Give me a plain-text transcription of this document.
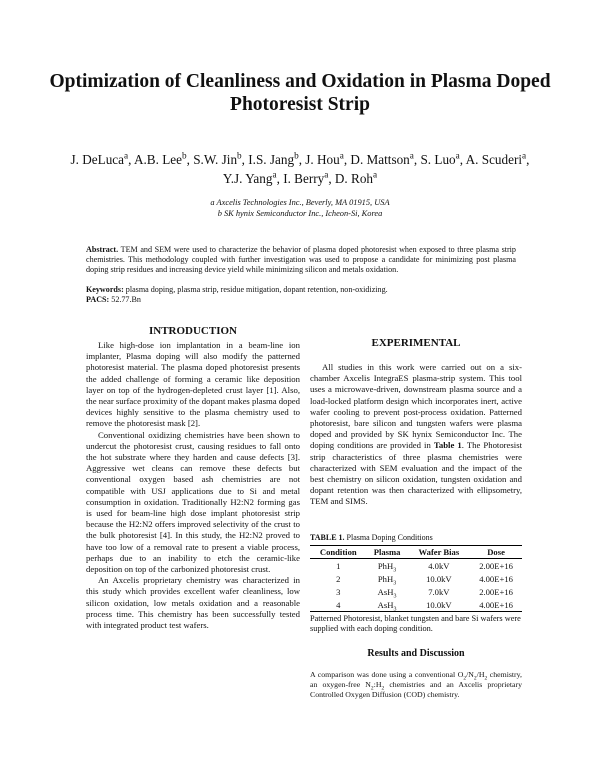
Optimization of Cleanliness and Oxidation in Plasma Doped Photoresist Strip
J. DeLuca$^a$, A.B. Lee$^b$, S.W. Jin$^b$, I.S. Jang$^b$, J. Hou$^a$, D. Mattson$^a$, S. Luo$^a$, A. Scuderi$^a$, Y.J. Yang$^a$, I. Berry$^a$, D. Roh$^a$
a Axcelis Technologies Inc., Beverly, MA 01915, USA
b SK hynix Semiconductor Inc., Icheon-Si, Korea
Abstract. TEM and SEM were used to characterize the behavior of plasma doped photoresist when exposed to three plasma strip chemistries. This methodology coupled with further investigation was used to propose a candidate for minimizing post plasma doping strip residues and increasing device yield while minimizing silicon and metals oxidation.
Keywords: plasma doping, plasma strip, residue mitigation, dopant retention, non-oxidizing.
PACS: 52.77.Bn
INTRODUCTION

Like high-dose ion implantation in a beam-line ion implanter, Plasma doping will also modify the patterned photoresist material. The plasma doped photoresist presents the added challenge of forming a ceramic like deposition layer on top of the hydrogen-depleted crust layer [1]. Also, the near surface proximity of the dopant makes plasma doped devices highly sensitive to the plasma chemistry used to remove the photoresist mask [2].

Conventional oxidizing chemistries have been shown to undercut the photoresist crust, causing residues to fall onto the hot substrate where they harden and cause defects [3]. Aggressive wet cleans can remove these defects but conventional oxygen based ash chemistries are not compatible with USJ applications due to Si and metal consumption in oxidation. Traditionally H2:N2 forming gas is used for beam-line high dose implant photoresist strip because the H2:N2 offers improved selectivity of the crust to the bulk photoresist [4]. In this study, the H2:N2 proved to have too low of a removal rate to present a viable process, perhaps due to an inability to etch the ceramic-like deposition on top of the carbonized photoresist crust.

An Axcelis proprietary chemistry was characterized in this study which provides excellent wafer cleanliness, low silicon oxidation, low metals oxidation and a reasonable process time. This chemistry has been successfully tested with integrated product test wafers.

EXPERIMENTAL

All studies in this work were carried out on a six-chamber Axcelis IntegraES plasma-strip system. This tool uses a microwave-driven, downstream plasma source and a load-locked platform design which incorporates inert, active wafer cooling to prevent post-process oxidation. Patterned photoresist, bare silicon and tungsten wafers were plasma doped and provided by SK hynix Semiconductor Inc. The doping conditions are provided in Table 1. The Photoresist strip characteristics of three plasma chemistries were characterized with SEM evaluation and the impact of the best chemistry on silicon oxidation, tungsten oxidation and dopant retention was then characterized with ellipsometry, TEM and SIMS.

TABLE 1. Plasma Doping Conditions
Condition	Plasma	Wafer Bias	Dose
1	PhH$_3$	4.0kV	2.00E+16
2	PhH$_3$	10.0kV	4.00E+16
3	AsH$_3$	7.0kV	2.00E+16
4	AsH$_3$	10.0kV	4.00E+16
Patterned Photoresist, blanket tungsten and bare Si wafers were supplied with each doping condition.
Results and Discussion
A comparison was done using a conventional $O_2/N_2/H_2$ chemistry, an oxygen-free $N_2:H_2$ chemistries and an Axcelis proprietary Controlled Oxygen Diffusion (COD) chemistry.
